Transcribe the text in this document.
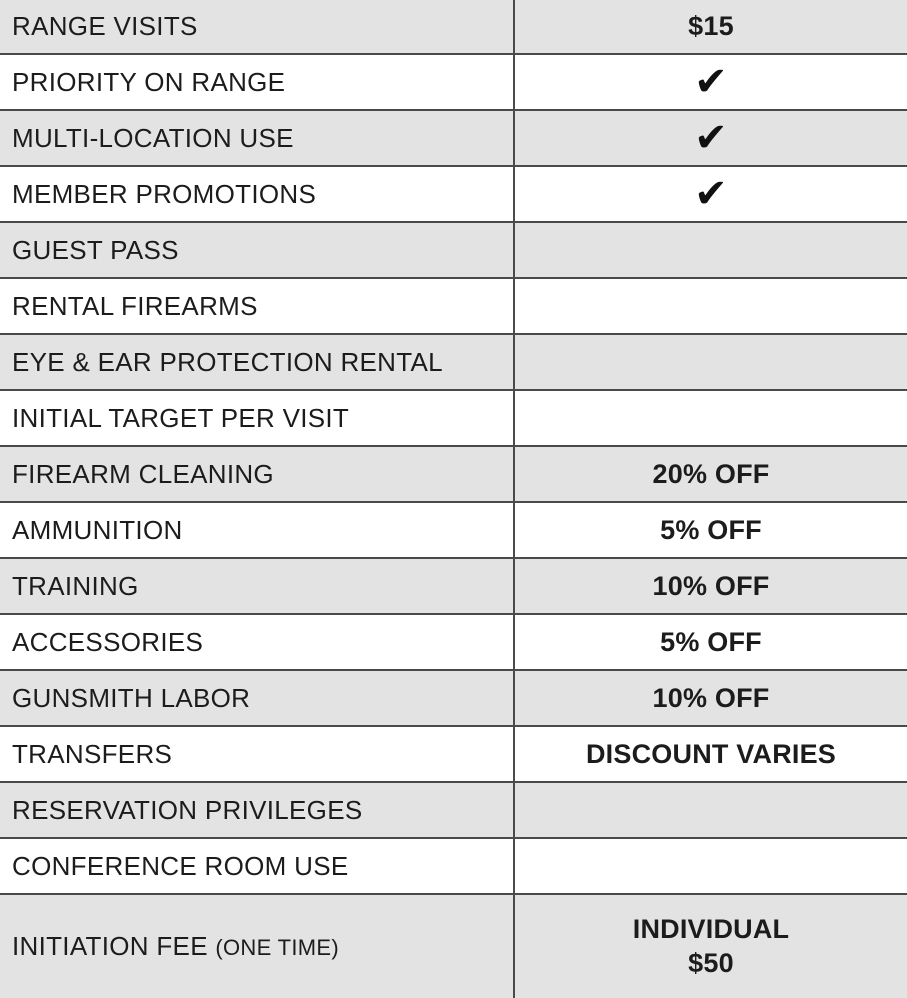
RANGE VISITS	$15
PRIORITY ON RANGE	✔
MULTI-LOCATION USE	✔
MEMBER PROMOTIONS	✔
GUEST PASS	
RENTAL FIREARMS	
EYE & EAR PROTECTION RENTAL	
INITIAL TARGET PER VISIT	
FIREARM CLEANING	20% OFF
AMMUNITION	5% OFF
TRAINING	10% OFF
ACCESSORIES	5% OFF
GUNSMITH LABOR	10% OFF
TRANSFERS	DISCOUNT VARIES
RESERVATION PRIVILEGES	
CONFERENCE ROOM USE	
INITIATION FEE (ONE TIME)	INDIVIDUAL
$50
